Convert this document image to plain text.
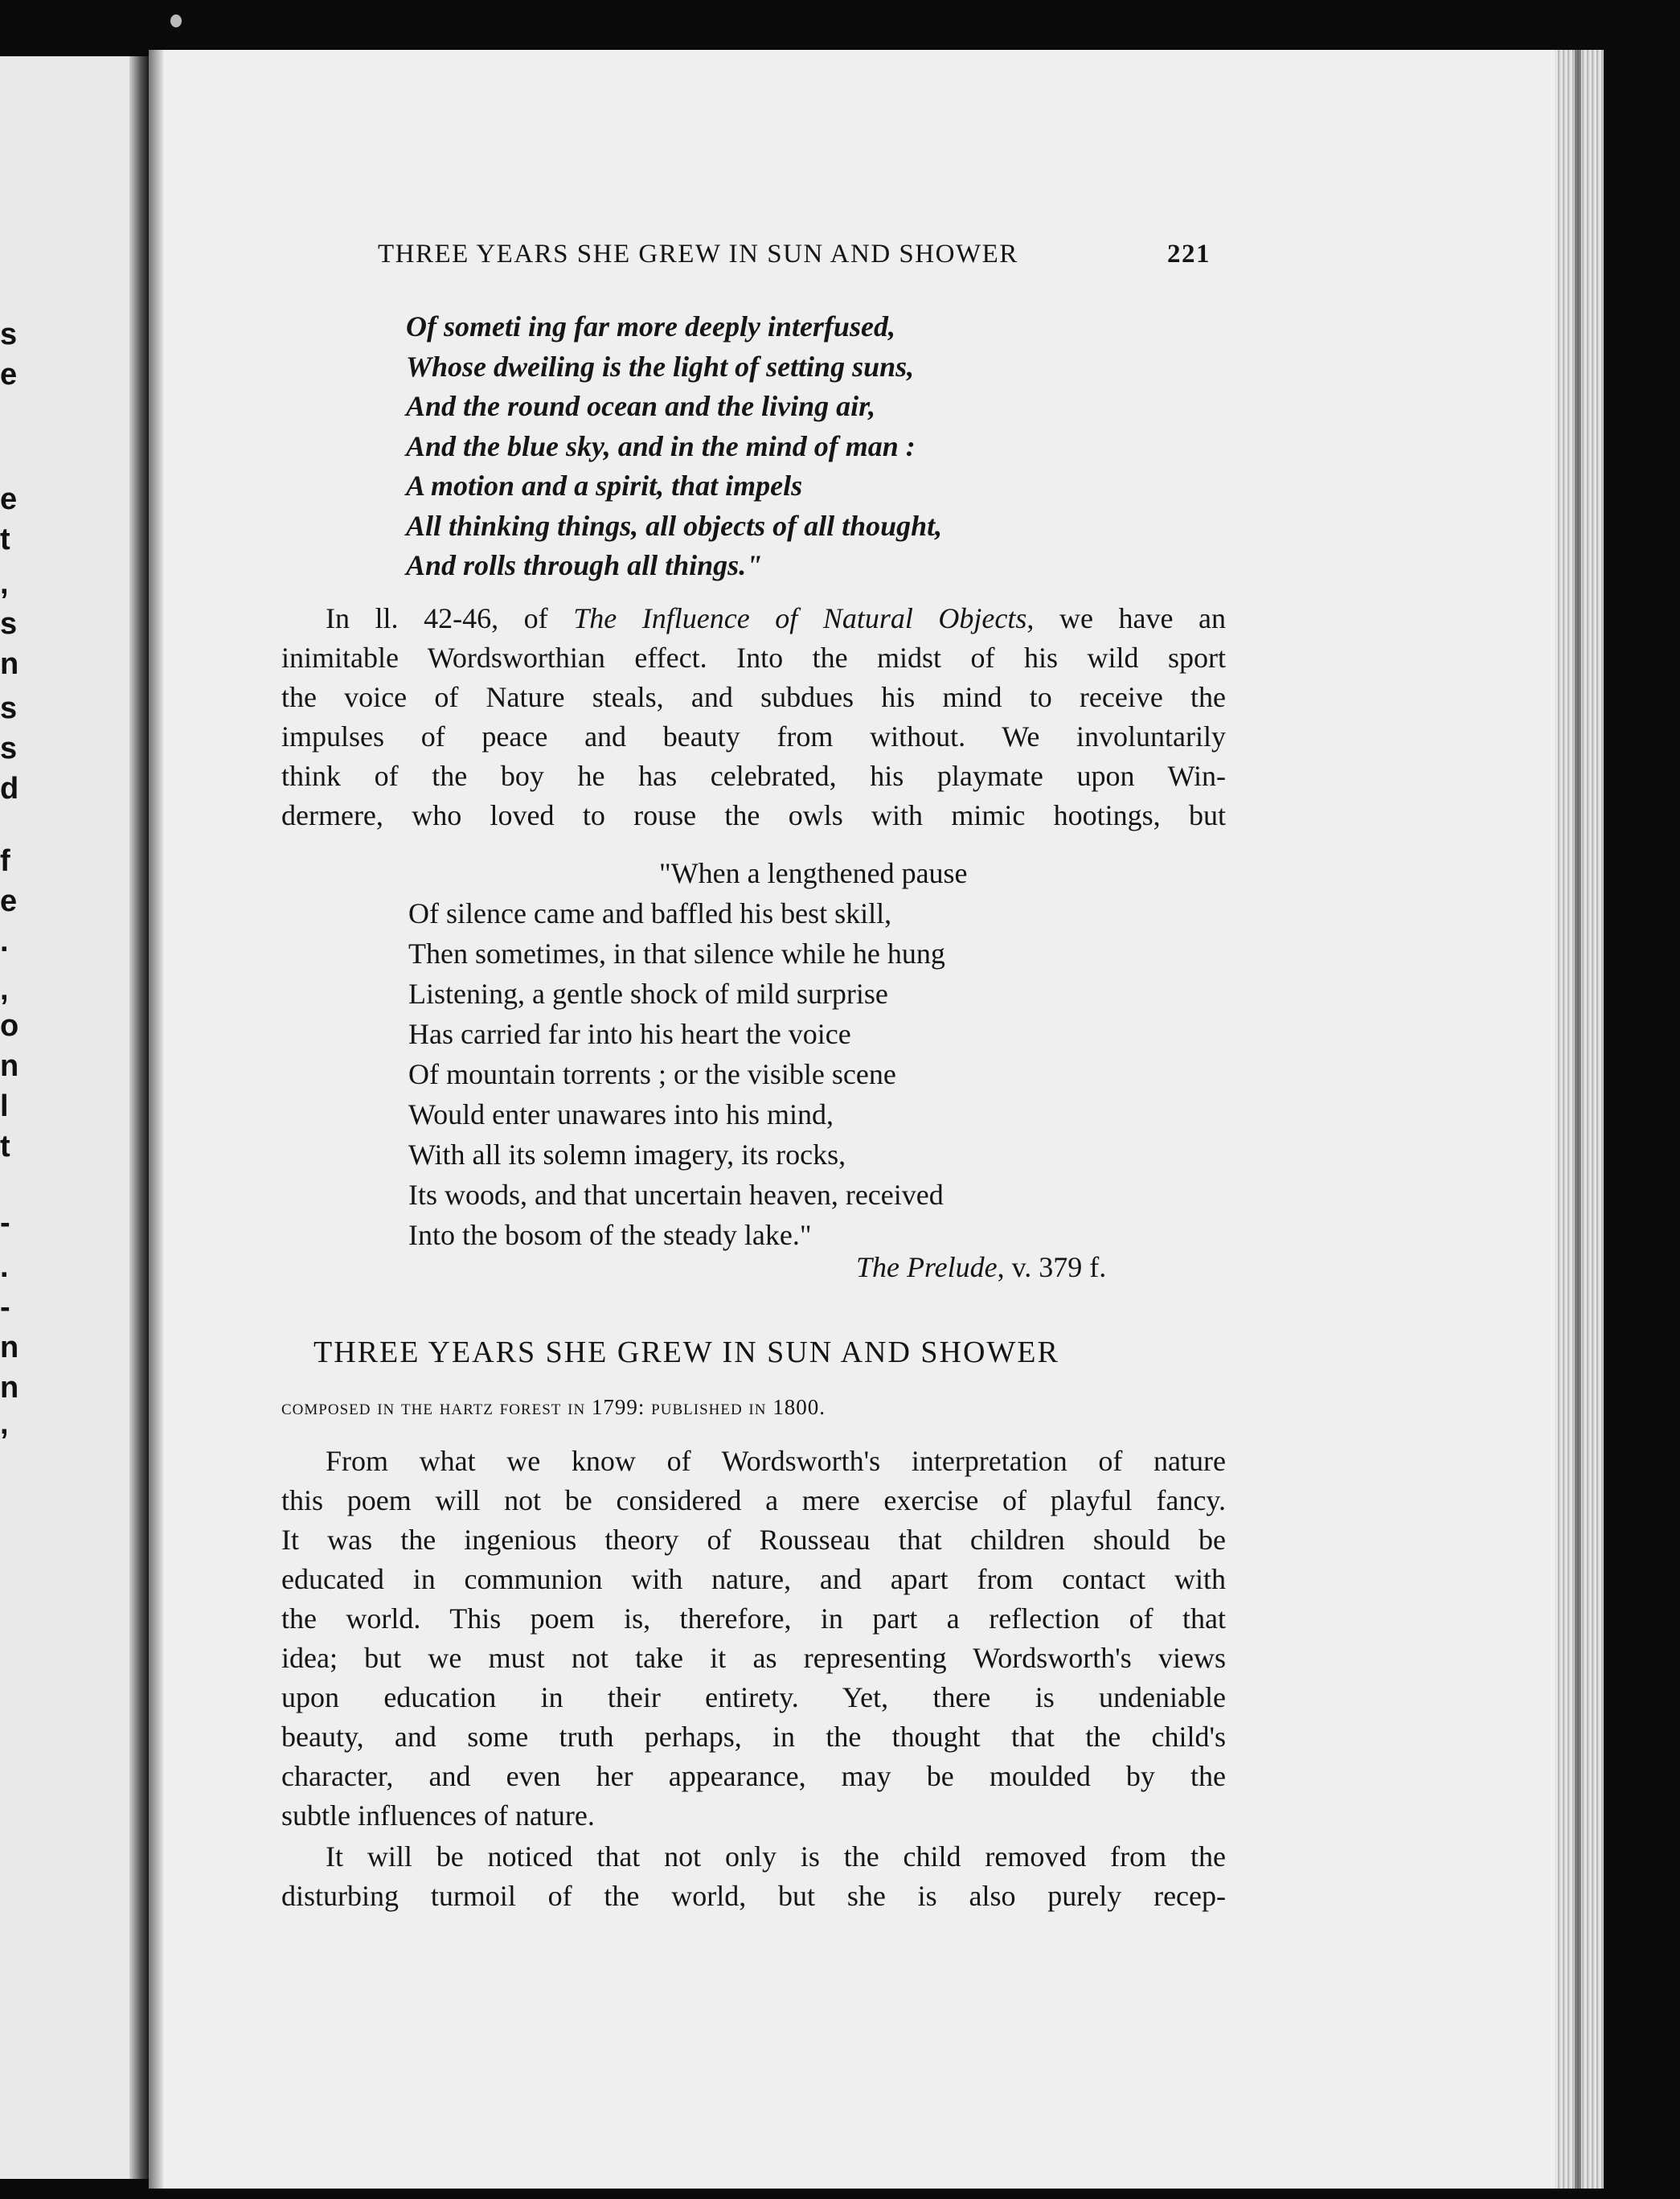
s
e
e
t
,
s
n
s
s
d
f
e
.
,
o
n
l
t
-
.
-
n
n
,
THREE YEARS SHE GREW IN SUN AND SHOWER	221
Of someti ing far more deeply interfused,
Whose dweiling is the light of setting suns,
And the round ocean and the living air,
And the blue sky, and in the mind of man :
A motion and a spirit, that impels
All thinking things, all objects of all thought,
And rolls through all things."
In ll. 42-46, of The Influence of Natural Objects, we have an
inimitable Wordsworthian effect. Into the midst of his wild sport
the voice of Nature steals, and subdues his mind to receive the
impulses of peace and beauty from without. We involuntarily
think of the boy he has celebrated, his playmate upon Win-
dermere, who loved to rouse the owls with mimic hootings, but
"When a lengthened pause
Of silence came and baffled his best skill,
Then sometimes, in that silence while he hung
Listening, a gentle shock of mild surprise
Has carried far into his heart the voice
Of mountain torrents ; or the visible scene
Would enter unawares into his mind,
With all its solemn imagery, its rocks,
Its woods, and that uncertain heaven, received
Into the bosom of the steady lake."
The Prelude, v. 379 f.
THREE YEARS SHE GREW IN SUN AND SHOWER
composed in the hartz forest in 1799: published in 1800.
From what we know of Wordsworth's interpretation of nature
this poem will not be considered a mere exercise of playful fancy.
It was the ingenious theory of Rousseau that children should be
educated in communion with nature, and apart from contact with
the world. This poem is, therefore, in part a reflection of that
idea; but we must not take it as representing Wordsworth's views
upon education in their entirety. Yet, there is undeniable
beauty, and some truth perhaps, in the thought that the child's
character, and even her appearance, may be moulded by the
subtle influences of nature.
It will be noticed that not only is the child removed from the
disturbing turmoil of the world, but she is also purely recep-
